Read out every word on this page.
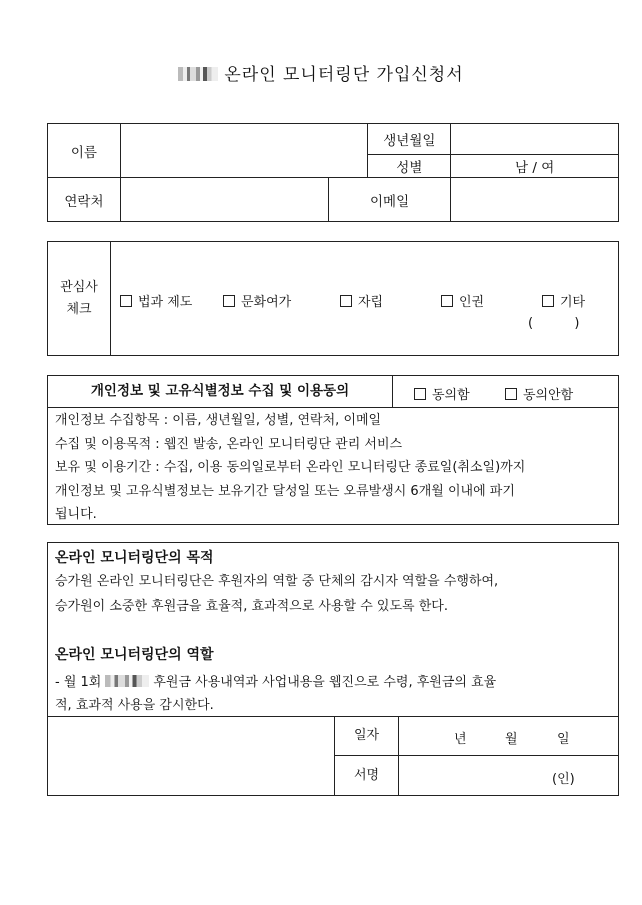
온라인 모니터링단 가입신청서
이름			생년월일	
			성별	남 / 여
연락처		이메일		
관심사
체크	법과 제도	문화여가	자립	인권	기타
(          )
개인정보 및 고유식별정보 수집 및 이용동의	동의함	동의안함

개인정보 수집항목 : 이름, 생년월일, 성별, 연락처, 이메일

수집 및 이용목적 : 웹진 발송, 온라인 모니터링단 관리 서비스

보유 및 이용기간 : 수집, 이용 동의일로부터 온라인 모니터링단 종료일(취소일)까지

개인정보 및 고유식별정보는 보유기간 달성일 또는 오류발생시 6개월 이내에 파기

됩니다.

온라인 모니터링단의 목적

승가원 온라인 모니터링단은 후원자의 역할 중 단체의 감시자 역할을 수행하여,

승가원이 소중한 후원금을 효율적, 효과적으로 사용할 수 있도록 한다.

온라인 모니터링단의 역할

- 월 1회	후원금 사용내역과 사업내용을 웹진으로 수령, 후원금의 효율

적, 효과적 사용을 감시한다.

일자	년	월	일
서명	(인)
